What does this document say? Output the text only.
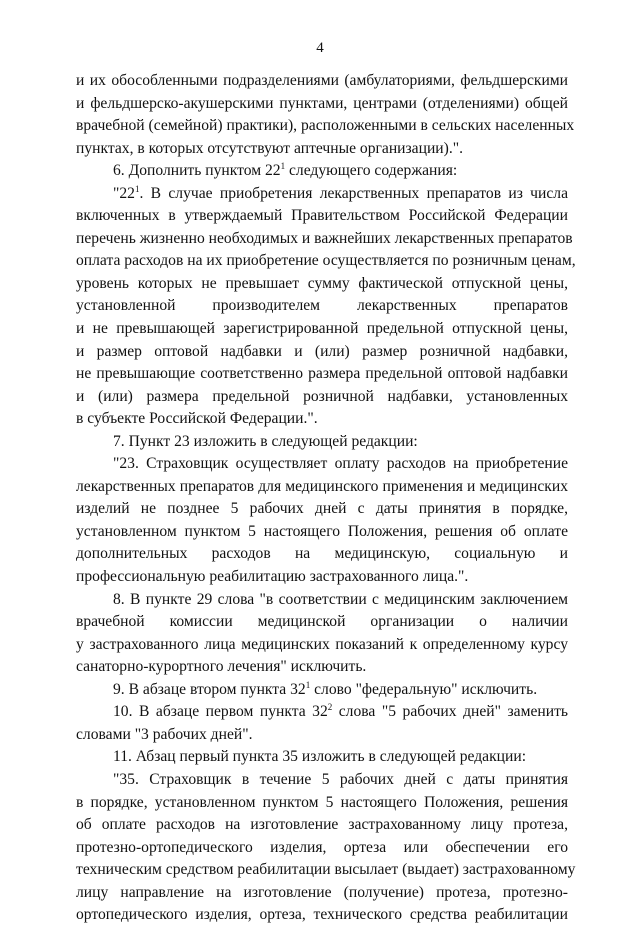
4
и их обособленными подразделениями (амбулаториями, фельдшерскими
и фельдшерско-акушерскими пунктами, центрами (отделениями) общей
врачебной (семейной) практики), расположенными в сельских населенных
пунктах, в которых отсутствуют аптечные организации).".
6. Дополнить пунктом $22^1$ следующего содержания:
"$22^1$. В случае приобретения лекарственных препаратов из числа
включенных в утверждаемый Правительством Российской Федерации
перечень жизненно необходимых и важнейших лекарственных препаратов
оплата расходов на их приобретение осуществляется по розничным ценам,
уровень которых не превышает сумму фактической отпускной цены,
установленной производителем лекарственных препаратов
и не превышающей зарегистрированной предельной отпускной цены,
и размер оптовой надбавки и (или) размер розничной надбавки,
не превышающие соответственно размера предельной оптовой надбавки
и (или) размера предельной розничной надбавки, установленных
в субъекте Российской Федерации.".
7. Пункт 23 изложить в следующей редакции:
"23. Страховщик осуществляет оплату расходов на приобретение
лекарственных препаратов для медицинского применения и медицинских
изделий не позднее 5 рабочих дней с даты принятия в порядке,
установленном пунктом 5 настоящего Положения, решения об оплате
дополнительных расходов на медицинскую, социальную и
профессиональную реабилитацию застрахованного лица.".
8. В пункте 29 слова "в соответствии с медицинским заключением
врачебной комиссии медицинской организации о наличии
у застрахованного лица медицинских показаний к определенному курсу
санаторно-курортного лечения" исключить.
9. В абзаце втором пункта $32^1$ слово "федеральную" исключить.
10. В абзаце первом пункта $32^2$ слова "5 рабочих дней" заменить
словами "3 рабочих дней".
11. Абзац первый пункта 35 изложить в следующей редакции:
"35. Страховщик в течение 5 рабочих дней с даты принятия
в порядке, установленном пунктом 5 настоящего Положения, решения
об оплате расходов на изготовление застрахованному лицу протеза,
протезно-ортопедического изделия, ортеза или обеспечении его
техническим средством реабилитации высылает (выдает) застрахованному
лицу направление на изготовление (получение) протеза, протезно-
ортопедического изделия, ортеза, технического средства реабилитации
